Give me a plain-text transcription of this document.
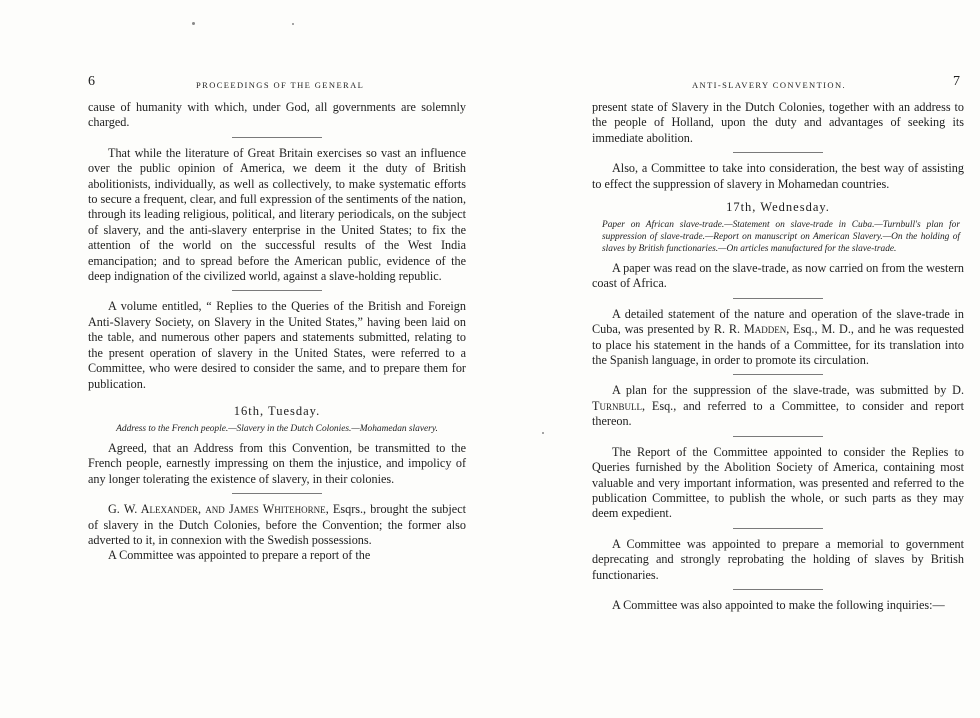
6	PROCEEDINGS OF THE GENERAL

cause of humanity with which, under God, all governments are solemnly charged.

That while the literature of Great Britain exercises so vast an influence over the public opinion of America, we deem it the duty of British abolitionists, individually, as well as collectively, to make systematic efforts to secure a frequent, clear, and full expression of the sentiments of the nation, through its leading religious, political, and literary periodicals, on the subject of slavery, and the anti-slavery enterprise in the United States; to fix the attention of the world on the successful results of the West India emancipation; and to spread before the American public, evidence of the deep indignation of the civilized world, against a slave-holding republic.

A volume entitled, “ Replies to the Queries of the British and Foreign Anti-Slavery Society, on Slavery in the United States,” having been laid on the table, and numerous other papers and statements submitted, relating to the present operation of slavery in the United States, were referred to a Committee, who were desired to consider the same, and to prepare them for publication.

16th, Tuesday.
Address to the French people.—Slavery in the Dutch Colonies.—Mohamedan slavery.

Agreed, that an Address from this Convention, be transmitted to the French people, earnestly impressing on them the injustice, and impolicy of any longer tolerating the existence of slavery, in their colonies.

G. W. Alexander, and James Whitehorne, Esqrs., brought the subject of slavery in the Dutch Colonies, before the Convention; the former also adverted to it, in connexion with the Swedish possessions.

A Committee was appointed to prepare a report of the

ANTI-SLAVERY CONVENTION.	7

present state of Slavery in the Dutch Colonies, together with an address to the people of Holland, upon the duty and advantages of seeking its immediate abolition.

Also, a Committee to take into consideration, the best way of assisting to effect the suppression of slavery in Mohamedan countries.

17th, Wednesday.
Paper on African slave-trade.—Statement on slave-trade in Cuba.—Turnbull's plan for suppression of slave-trade.—Report on manuscript on American Slavery.—On the holding of slaves by British functionaries.—On articles manufactured for the slave-trade.

A paper was read on the slave-trade, as now carried on from the western coast of Africa.

A detailed statement of the nature and operation of the slave-trade in Cuba, was presented by R. R. Madden, Esq., M. D., and he was requested to place his statement in the hands of a Committee, for its translation into the Spanish language, in order to promote its circulation.

A plan for the suppression of the slave-trade, was submitted by D. Turnbull, Esq., and referred to a Committee, to consider and report thereon.

The Report of the Committee appointed to consider the Replies to Queries furnished by the Abolition Society of America, containing most valuable and very important information, was presented and referred to the publication Committee, to publish the whole, or such parts as they may deem expedient.

A Committee was appointed to prepare a memorial to government deprecating and strongly reprobating the holding of slaves by British functionaries.

A Committee was also appointed to make the following inquiries:—
